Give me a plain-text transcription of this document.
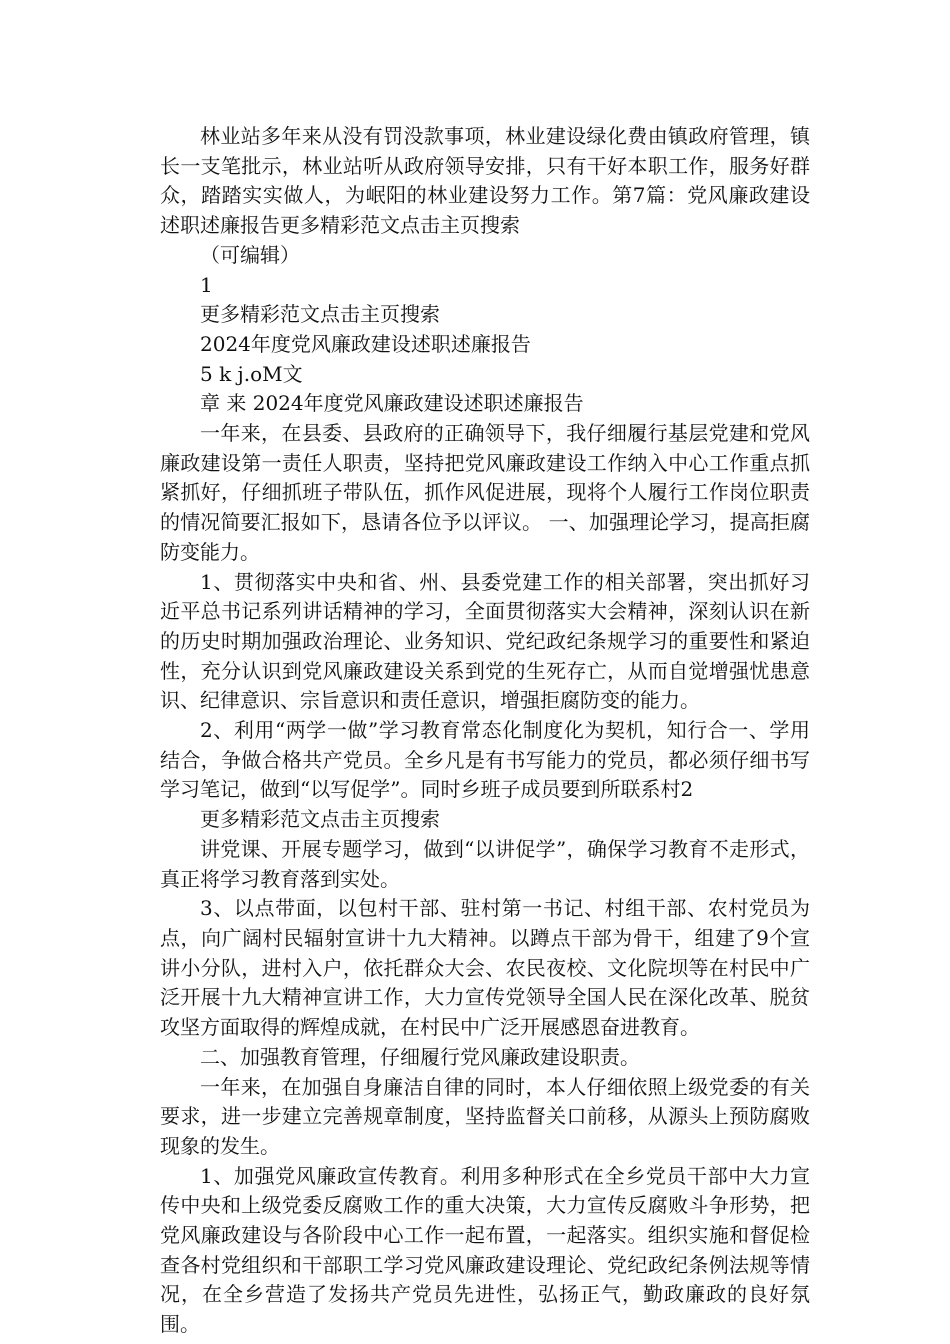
林业站多年来从没有罚没款事项，林业建设绿化费由镇政府管理，镇长一支笔批示，林业站听从政府领导安排，只有干好本职工作，服务好群众，踏踏实实做人，为岷阳的林业建设努力工作。第7篇：党风廉政建设述职述廉报告更多精彩范文点击主页搜索

（可编辑）

1

更多精彩范文点击主页搜索

2024年度党风廉政建设述职述廉报告

5 k j.oM文

章 来 2024年度党风廉政建设述职述廉报告

一年来，在县委、县政府的正确领导下，我仔细履行基层党建和党风廉政建设第一责任人职责，坚持把党风廉政建设工作纳入中心工作重点抓紧抓好，仔细抓班子带队伍，抓作风促进展，现将个人履行工作岗位职责的情况简要汇报如下，恳请各位予以评议。 一、加强理论学习，提高拒腐防变能力。

1、贯彻落实中央和省、州、县委党建工作的相关部署，突出抓好习近平总书记系列讲话精神的学习，全面贯彻落实大会精神，深刻认识在新的历史时期加强政治理论、业务知识、党纪政纪条规学习的重要性和紧迫性，充分认识到党风廉政建设关系到党的生死存亡，从而自觉增强忧患意识、纪律意识、宗旨意识和责任意识，增强拒腐防变的能力。

2、利用“两学一做”学习教育常态化制度化为契机，知行合一、学用结合，争做合格共产党员。全乡凡是有书写能力的党员，都必须仔细书写学习笔记，做到“以写促学”。同时乡班子成员要到所联系村2

更多精彩范文点击主页搜索

讲党课、开展专题学习，做到“以讲促学”，确保学习教育不走形式，真正将学习教育落到实处。

3、以点带面，以包村干部、驻村第一书记、村组干部、农村党员为点，向广阔村民辐射宣讲十九大精神。以蹲点干部为骨干，组建了9个宣讲小分队，进村入户，依托群众大会、农民夜校、文化院坝等在村民中广泛开展十九大精神宣讲工作，大力宣传党领导全国人民在深化改革、脱贫攻坚方面取得的辉煌成就，在村民中广泛开展感恩奋进教育。

二、加强教育管理，仔细履行党风廉政建设职责。

一年来，在加强自身廉洁自律的同时，本人仔细依照上级党委的有关要求，进一步建立完善规章制度，坚持监督关口前移，从源头上预防腐败现象的发生。

1、加强党风廉政宣传教育。利用多种形式在全乡党员干部中大力宣传中央和上级党委反腐败工作的重大决策，大力宣传反腐败斗争形势，把党风廉政建设与各阶段中心工作一起布置，一起落实。组织实施和督促检查各村党组织和干部职工学习党风廉政建设理论、党纪政纪条例法规等情况，在全乡营造了发扬共产党员先进性，弘扬正气，勤政廉政的良好氛围。
